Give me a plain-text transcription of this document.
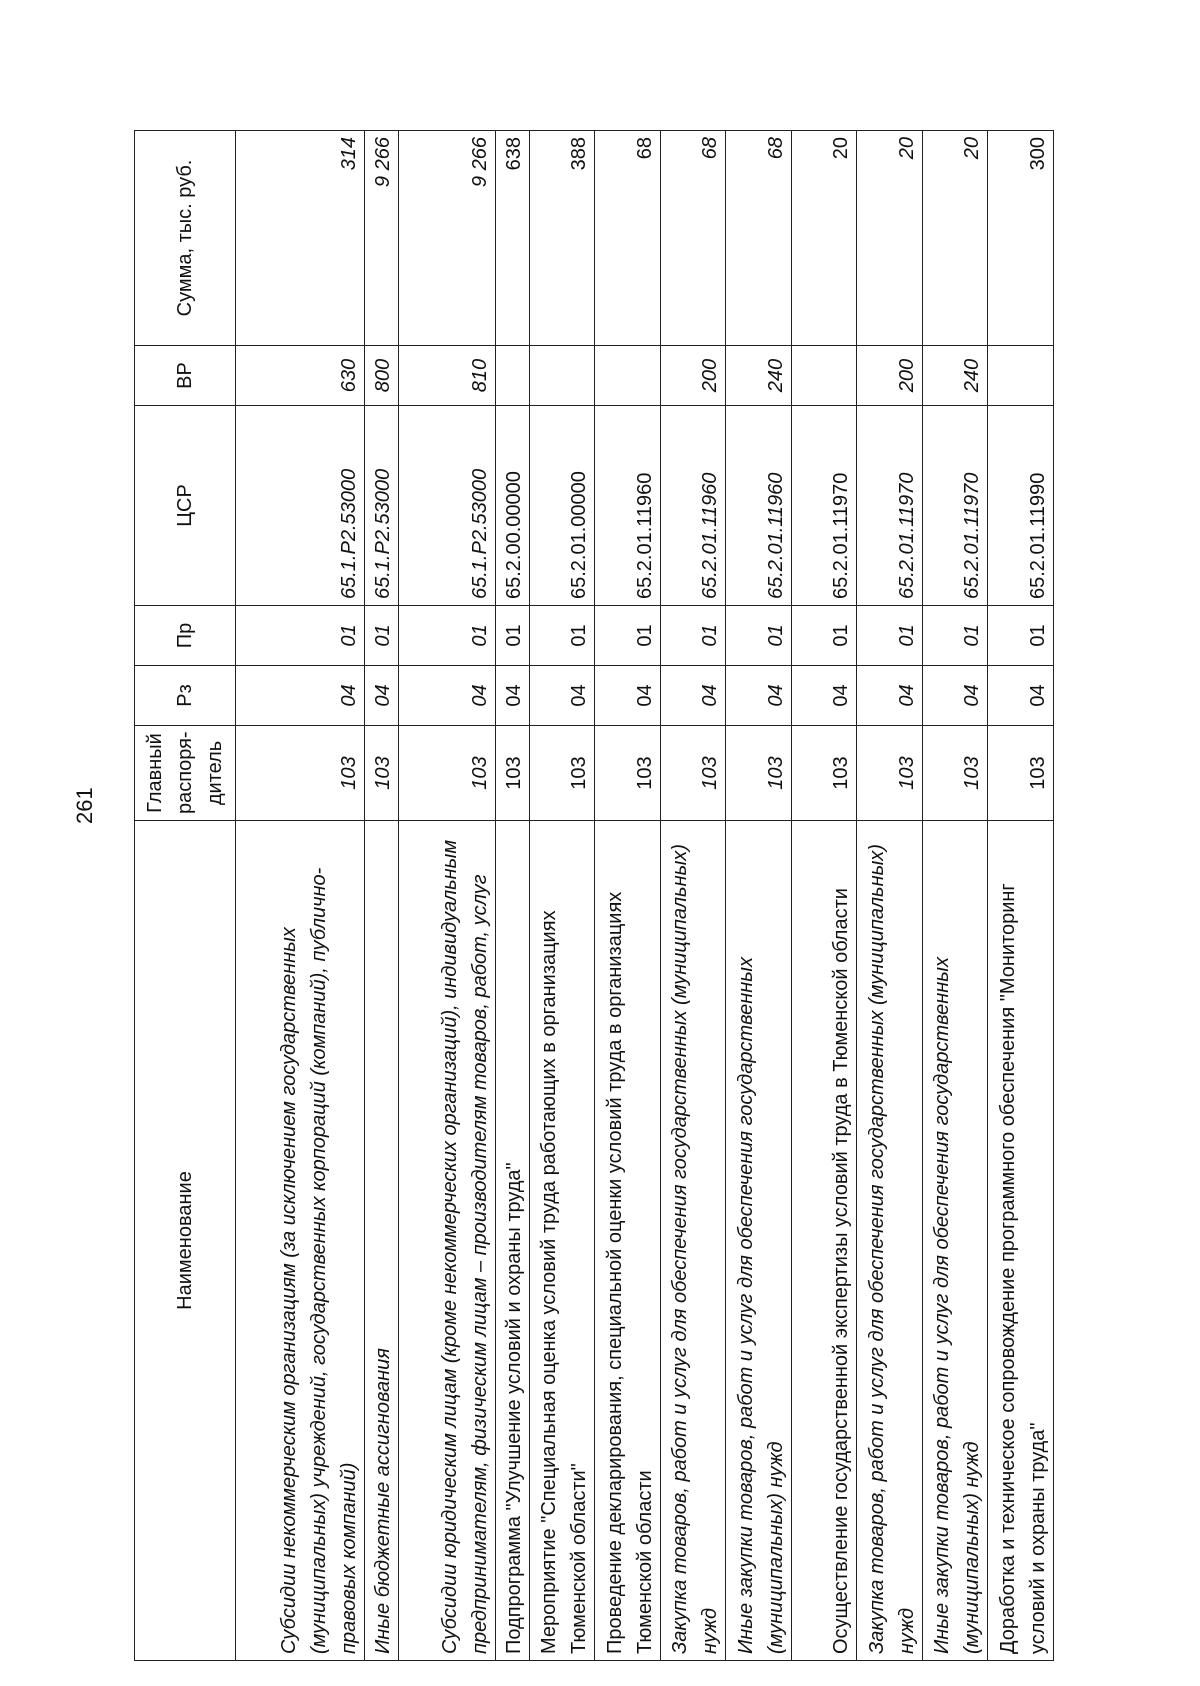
261
Наименование	Главный распоря-дитель	Рз	Пр	ЦСР	ВР	Сумма, тыс. руб.
Субсидии некоммерческим организациям (за исключением государственных (муниципальных) учреждений, государственных корпораций (компаний), публично-правовых компаний)	103	04	01	65.1.P2.53000	630	314
Иные бюджетные ассигнования	103	04	01	65.1.P2.53000	800	9 266
Субсидии юридическим лицам (кроме некоммерческих организаций), индивидуальным предпринимателям, физическим лицам – производителям товаров, работ, услуг	103	04	01	65.1.P2.53000	810	9 266
Подпрограмма "Улучшение условий и охраны труда"	103	04	01	65.2.00.00000		638
Мероприятие "Специальная оценка условий труда работающих в организациях Тюменской области"	103	04	01	65.2.01.00000		388
Проведение декларирования, специальной оценки условий труда в организациях Тюменской области	103	04	01	65.2.01.11960		68
Закупка товаров, работ и услуг для обеспечения государственных (муниципальных) нужд	103	04	01	65.2.01.11960	200	68
Иные закупки товаров, работ и услуг для обеспечения государственных (муниципальных) нужд	103	04	01	65.2.01.11960	240	68
Осуществление государственной экспертизы условий труда в Тюменской области	103	04	01	65.2.01.11970		20
Закупка товаров, работ и услуг для обеспечения государственных (муниципальных) нужд	103	04	01	65.2.01.11970	200	20
Иные закупки товаров, работ и услуг для обеспечения государственных (муниципальных) нужд	103	04	01	65.2.01.11970	240	20
Доработка и техническое сопровождение программного обеспечения "Мониторинг условий и охраны труда"	103	04	01	65.2.01.11990		300
